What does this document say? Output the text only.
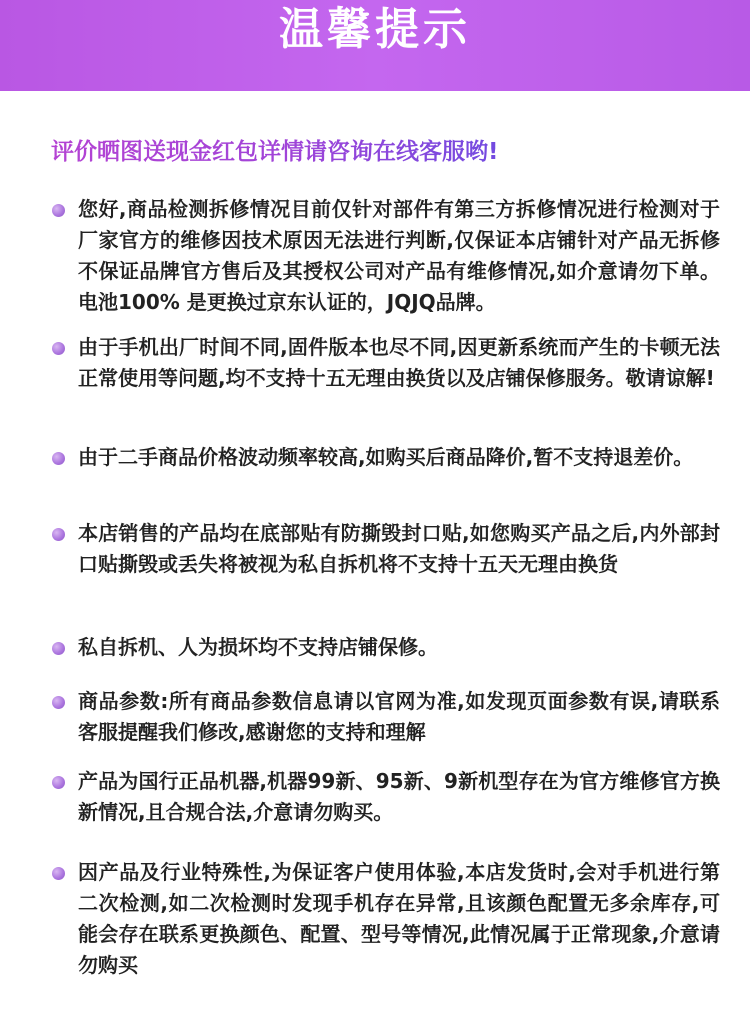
温馨提示
评价晒图送现金红包详情请咨询在线客服哟!
您好,商品检测拆修情况目前仅针对部件有第三方拆修情况进行检测对于厂家官方的维修因技术原因无法进行判断,仅保证本店铺针对产品无拆修不保证品牌官方售后及其授权公司对产品有维修情况,如介意请勿下单。电池100% 是更换过京东认证的，JQJQ品牌。
由于手机出厂时间不同,固件版本也尽不同,因更新系统而产生的卡顿无法正常使用等问题,均不支持十五无理由换货以及店铺保修服务。敬请谅解!
由于二手商品价格波动频率较高,如购买后商品降价,暂不支持退差价。
本店销售的产品均在底部贴有防撕毁封口贴,如您购买产品之后,内外部封口贴撕毁或丢失将被视为私自拆机将不支持十五天无理由换货
私自拆机、人为损坏均不支持店铺保修。
商品参数:所有商品参数信息请以官网为准,如发现页面参数有误,请联系客服提醒我们修改,感谢您的支持和理解
产品为国行正品机器,机器99新、95新、9新机型存在为官方维修官方换新情况,且合规合法,介意请勿购买。
因产品及行业特殊性,为保证客户使用体验,本店发货时,会对手机进行第二次检测,如二次检测时发现手机存在异常,且该颜色配置无多余库存,可能会存在联系更换颜色、配置、型号等情况,此情况属于正常现象,介意请勿购买
